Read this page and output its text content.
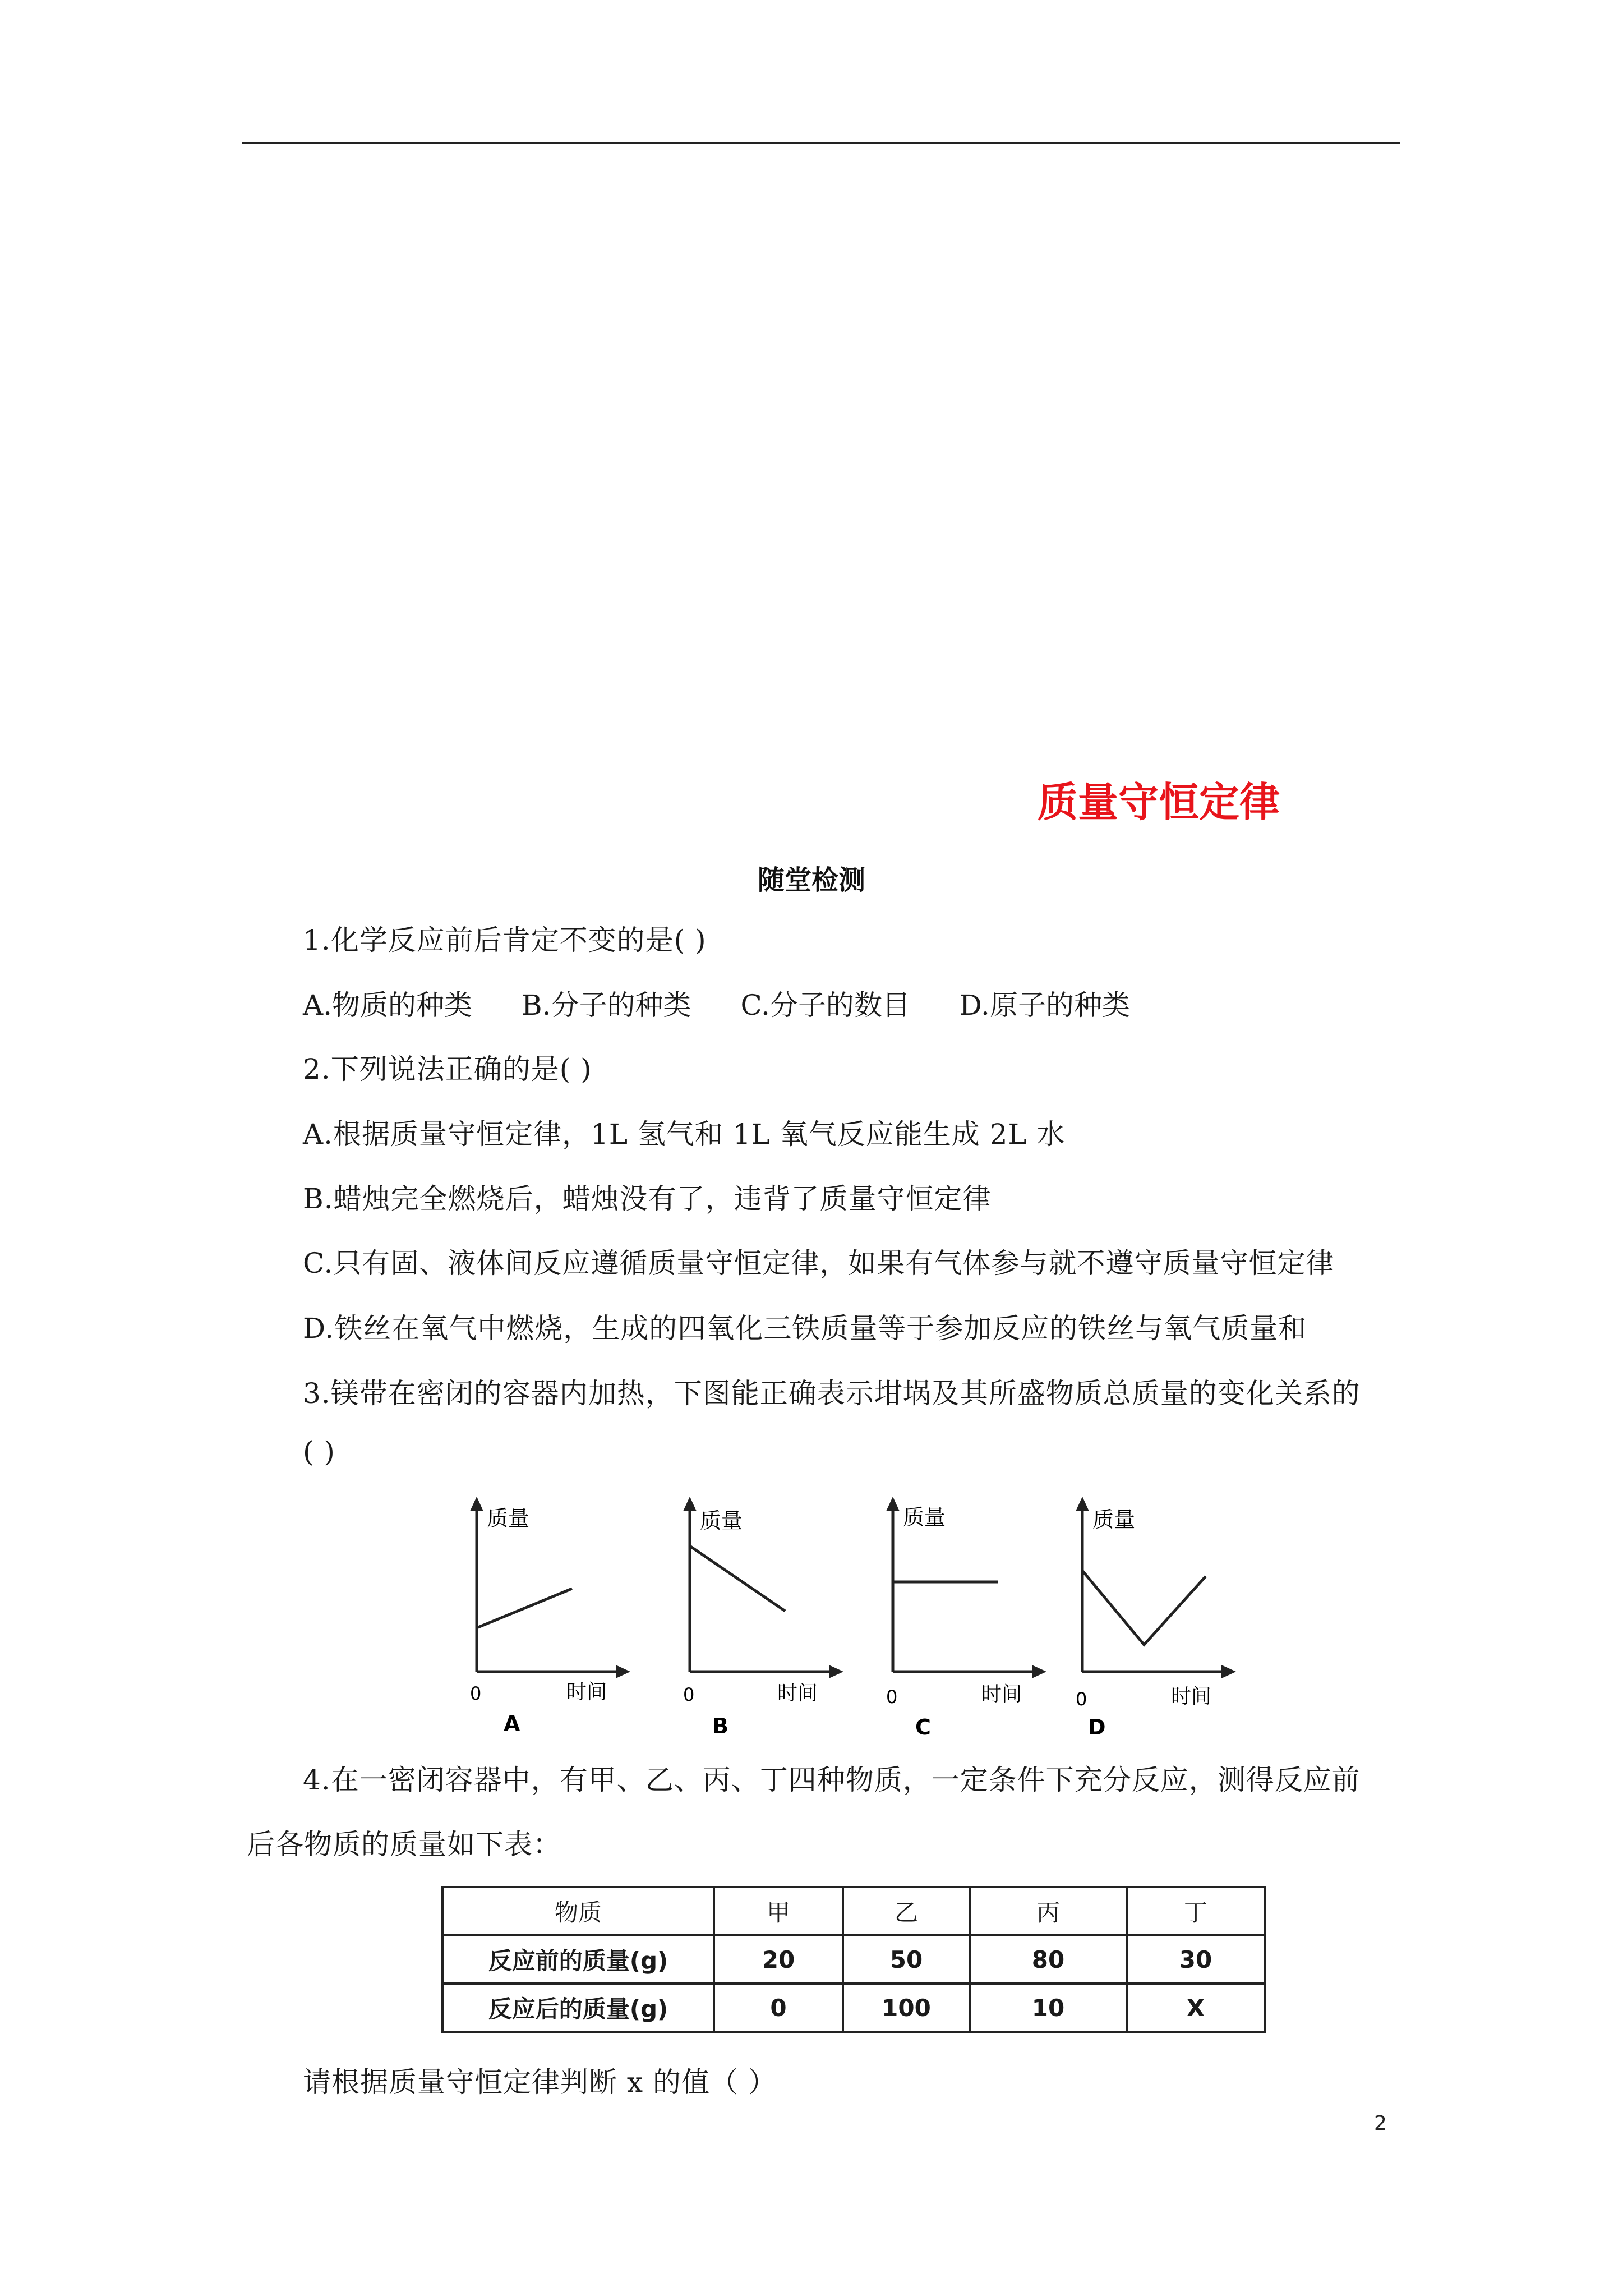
质量守恒定律
随堂检测
1.化学反应前后肯定不变的是( )
A.物质的种类 B.分子的种类 C.分子的数目 D.原子的种类
2.下列说法正确的是( )
A.根据质量守恒定律，1L 氢气和 1L 氧气反应能生成 2L 水
B.蜡烛完全燃烧后，蜡烛没有了，违背了质量守恒定律
C.只有固、液体间反应遵循质量守恒定律，如果有气体参与就不遵守质量守恒定律
D.铁丝在氧气中燃烧，生成的四氧化三铁质量等于参加反应的铁丝与氧气质量和
3.镁带在密闭的容器内加热，下图能正确表示坩埚及其所盛物质总质量的变化关系的
( )
质量
0	时间
A
质量
0	时间
B
质量
0	时间
C
质量
0	时间
D
4.在一密闭容器中，有甲、乙、丙、丁四种物质，一定条件下充分反应，测得反应前
后各物质的质量如下表：
物质	甲	乙	丙	丁
反应前的质量(g)	20	50	80	30
反应后的质量(g)	0	100	10	X
请根据质量守恒定律判断 x 的值（ ）
2
